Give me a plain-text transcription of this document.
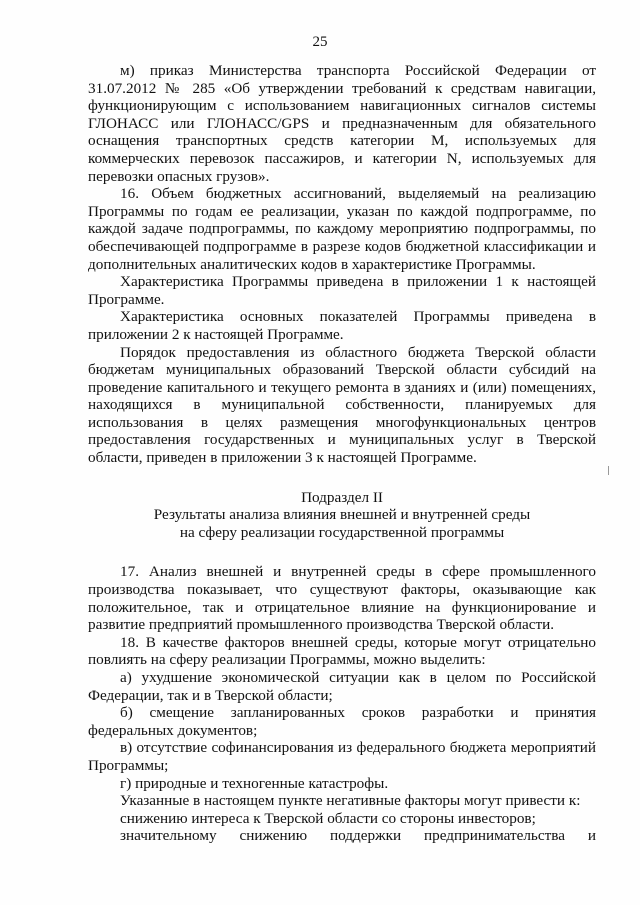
25

м) приказ Министерства транспорта Российской Федерации от 31.07.2012 № 285 «Об утверждении требований к средствам навигации, функционирующим с использованием навигационных сигналов системы ГЛОНАСС или ГЛОНАСС/GPS и предназначенным для обязательного оснащения транспортных средств категории М, используемых для коммерческих перевозок пассажиров, и категории N, используемых для перевозки опасных грузов».

16. Объем бюджетных ассигнований, выделяемый на реализацию Программы по годам ее реализации, указан по каждой подпрограмме, по каждой задаче подпрограммы, по каждому мероприятию подпрограммы, по обеспечивающей подпрограмме в разрезе кодов бюджетной классификации и дополнительных аналитических кодов в характеристике Программы.

Характеристика Программы приведена в приложении 1 к настоящей Программе.

Характеристика основных показателей Программы приведена в приложении 2 к настоящей Программе.

Порядок предоставления из областного бюджета Тверской области бюджетам муниципальных образований Тверской области субсидий на проведение капитального и текущего ремонта в зданиях и (или) помещениях, находящихся в муниципальной собственности, планируемых для использования в целях размещения многофункциональных центров предоставления государственных и муниципальных услуг в Тверской области, приведен в приложении 3 к настоящей Программе.

Подраздел II

Результаты анализа влияния внешней и внутренней среды

на сферу реализации государственной программы

17. Анализ внешней и внутренней среды в сфере промышленного производства показывает, что существуют факторы, оказывающие как положительное, так и отрицательное влияние на функционирование и развитие предприятий промышленного производства Тверской области.

18. В качестве факторов внешней среды, которые могут отрицательно повлиять на сферу реализации Программы, можно выделить:

а) ухудшение экономической ситуации как в целом по Российской Федерации, так и в Тверской области;

б) смещение запланированных сроков разработки и принятия федеральных документов;

в) отсутствие софинансирования из федерального бюджета мероприятий Программы;

г) природные и техногенные катастрофы.

Указанные в настоящем пункте негативные факторы могут привести к:

снижению интереса к Тверской области со стороны инвесторов;

значительному снижению поддержки предпринимательства и
